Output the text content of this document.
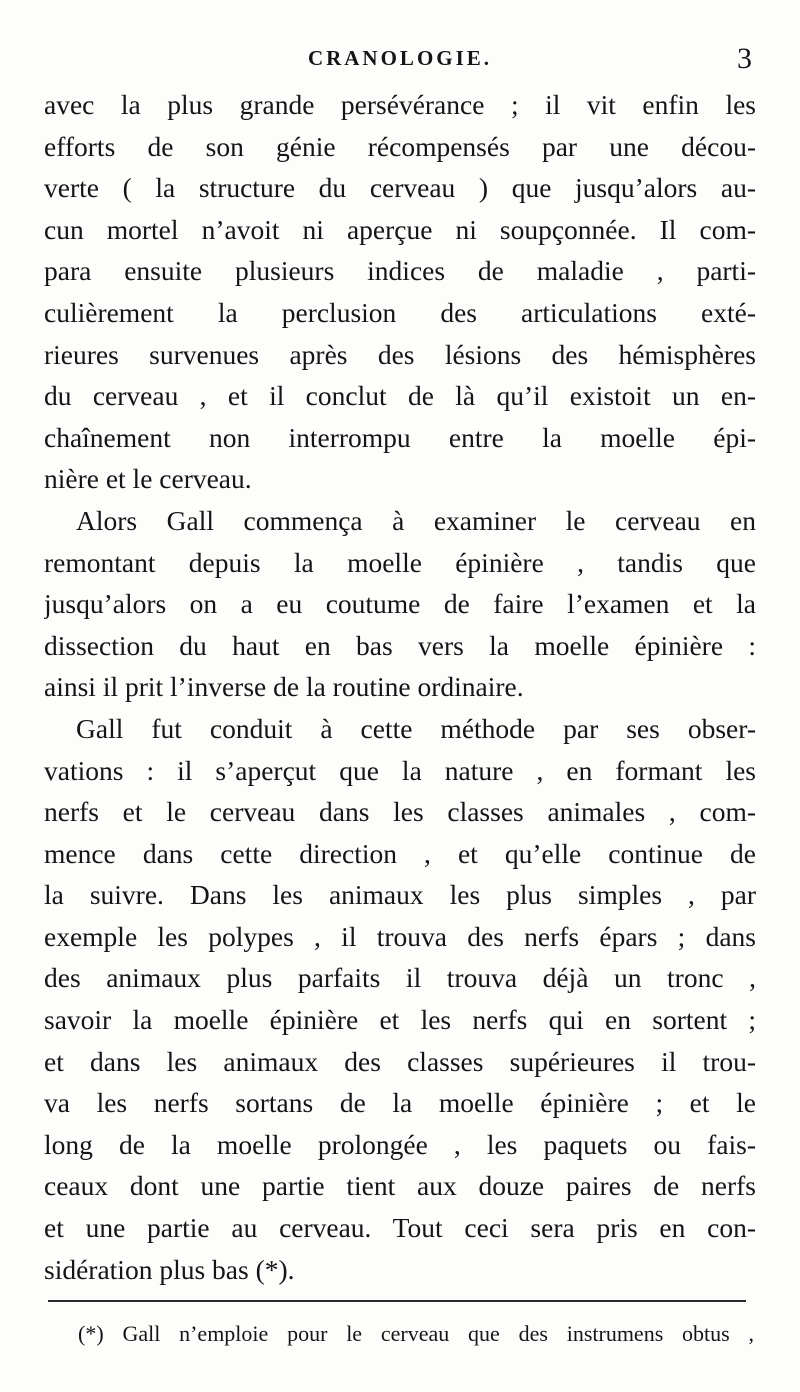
CRANOLOGIE.	3
avec la plus grande persévérance ; il vit enfin les
efforts de son génie récompensés par une décou-
verte ( la structure du cerveau ) que jusqu’alors au-
cun mortel n’avoit ni aperçue ni soupçonnée. Il com-
para ensuite plusieurs indices de maladie , parti-
culièrement la perclusion des articulations exté-
rieures survenues après des lésions des hémisphères
du cerveau , et il conclut de là qu’il existoit un en-
chaînement non interrompu entre la moelle épi-
nière et le cerveau.
Alors Gall commença à examiner le cerveau en
remontant depuis la moelle épinière , tandis que
jusqu’alors on a eu coutume de faire l’examen et la
dissection du haut en bas vers la moelle épinière :
ainsi il prit l’inverse de la routine ordinaire.
Gall fut conduit à cette méthode par ses obser-
vations : il s’aperçut que la nature , en formant les
nerfs et le cerveau dans les classes animales , com-
mence dans cette direction , et qu’elle continue de
la suivre. Dans les animaux les plus simples , par
exemple les polypes , il trouva des nerfs épars ; dans
des animaux plus parfaits il trouva déjà un tronc ,
savoir la moelle épinière et les nerfs qui en sortent ;
et dans les animaux des classes supérieures il trou-
va les nerfs sortans de la moelle épinière ; et le
long de la moelle prolongée , les paquets ou fais-
ceaux dont une partie tient aux douze paires de nerfs
et une partie au cerveau. Tout ceci sera pris en con-
sidération plus bas (*).
(*) Gall n’emploie pour le cerveau que des instrumens obtus ,
